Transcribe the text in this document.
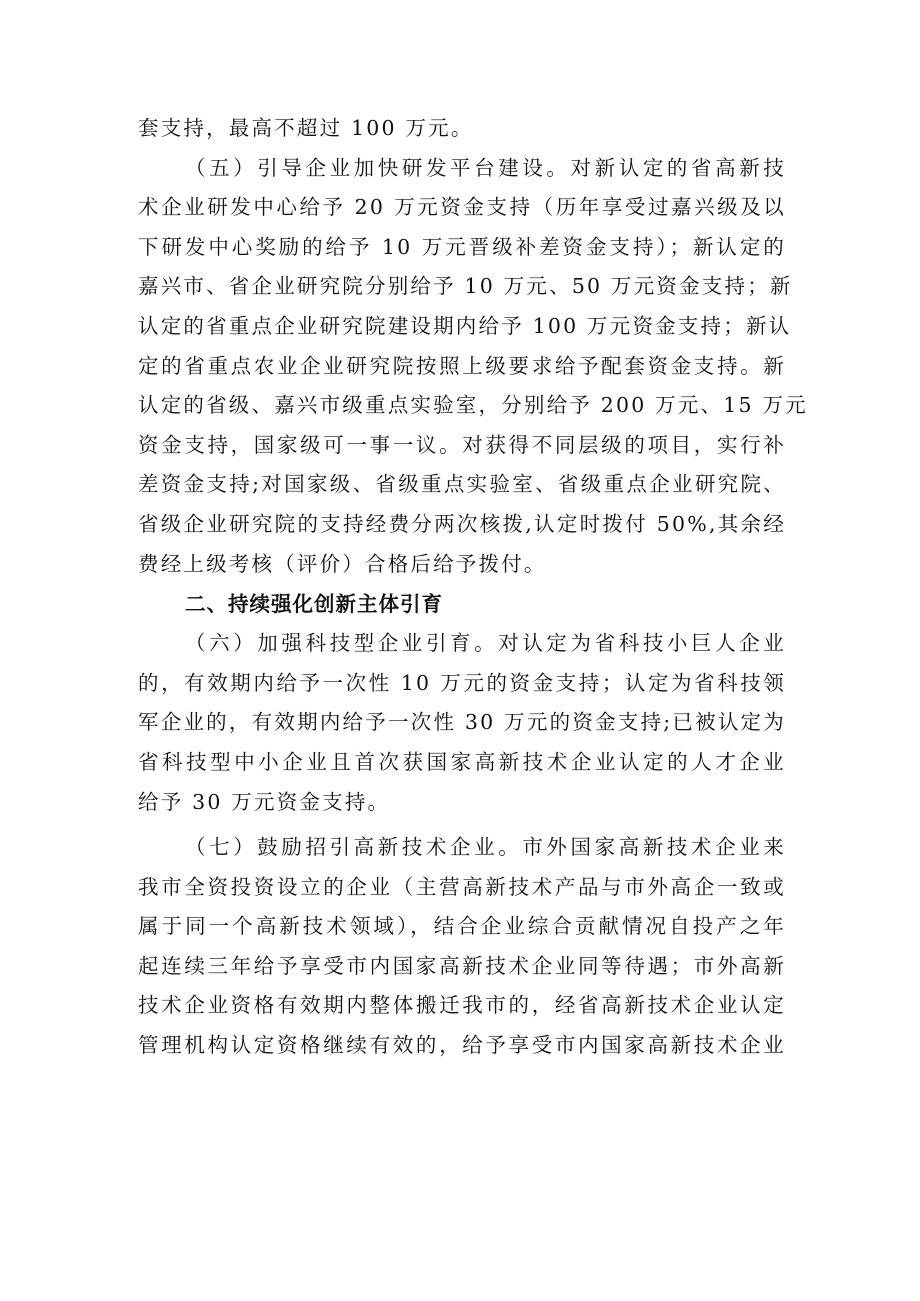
套支持，最高不超过 100 万元。
（五）引导企业加快研发平台建设。对新认定的省高新技
术企业研发中心给予 20 万元资金支持（历年享受过嘉兴级及以
下研发中心奖励的给予 10 万元晋级补差资金支持）；新认定的
嘉兴市、省企业研究院分别给予 10 万元、50 万元资金支持；新
认定的省重点企业研究院建设期内给予 100 万元资金支持；新认
定的省重点农业企业研究院按照上级要求给予配套资金支持。新
认定的省级、嘉兴市级重点实验室，分别给予 200 万元、15 万元
资金支持，国家级可一事一议。对获得不同层级的项目，实行补
差资金支持;对国家级、省级重点实验室、省级重点企业研究院、
省级企业研究院的支持经费分两次核拨,认定时拨付 50%,其余经
费经上级考核（评价）合格后给予拨付。
二、持续强化创新主体引育
（六）加强科技型企业引育。对认定为省科技小巨人企业
的，有效期内给予一次性 10 万元的资金支持；认定为省科技领
军企业的，有效期内给予一次性 30 万元的资金支持;已被认定为
省科技型中小企业且首次获国家高新技术企业认定的人才企业
给予 30 万元资金支持。
（七）鼓励招引高新技术企业。市外国家高新技术企业来
我市全资投资设立的企业（主营高新技术产品与市外高企一致或
属于同一个高新技术领域），结合企业综合贡献情况自投产之年
起连续三年给予享受市内国家高新技术企业同等待遇；市外高新
技术企业资格有效期内整体搬迁我市的，经省高新技术企业认定
管理机构认定资格继续有效的，给予享受市内国家高新技术企业
